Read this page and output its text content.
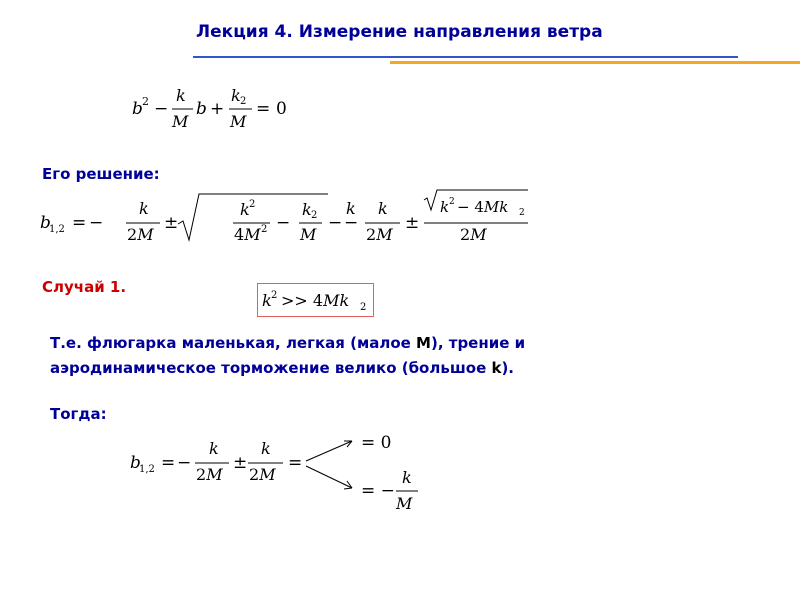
Лекция 4. Измерение направления ветра
b 2 −
k
M
b +
k 2
M
= 0
Его решение:
b
1,2 = −
k
2M
±
k 2
4M 2 −
k 2
M
− −
k k
2M
±
k 2 − 4Mk 2
2M
Случай 1.
k 2 >> 4Mk 2
Т.е. флюгарка маленькая, легкая (малое М), трение и
аэродинамическое торможение велико (большое k).
Тогда:
b
1,2 = −
k
2M
±
k
2M
=
= 0
= −
k
M
